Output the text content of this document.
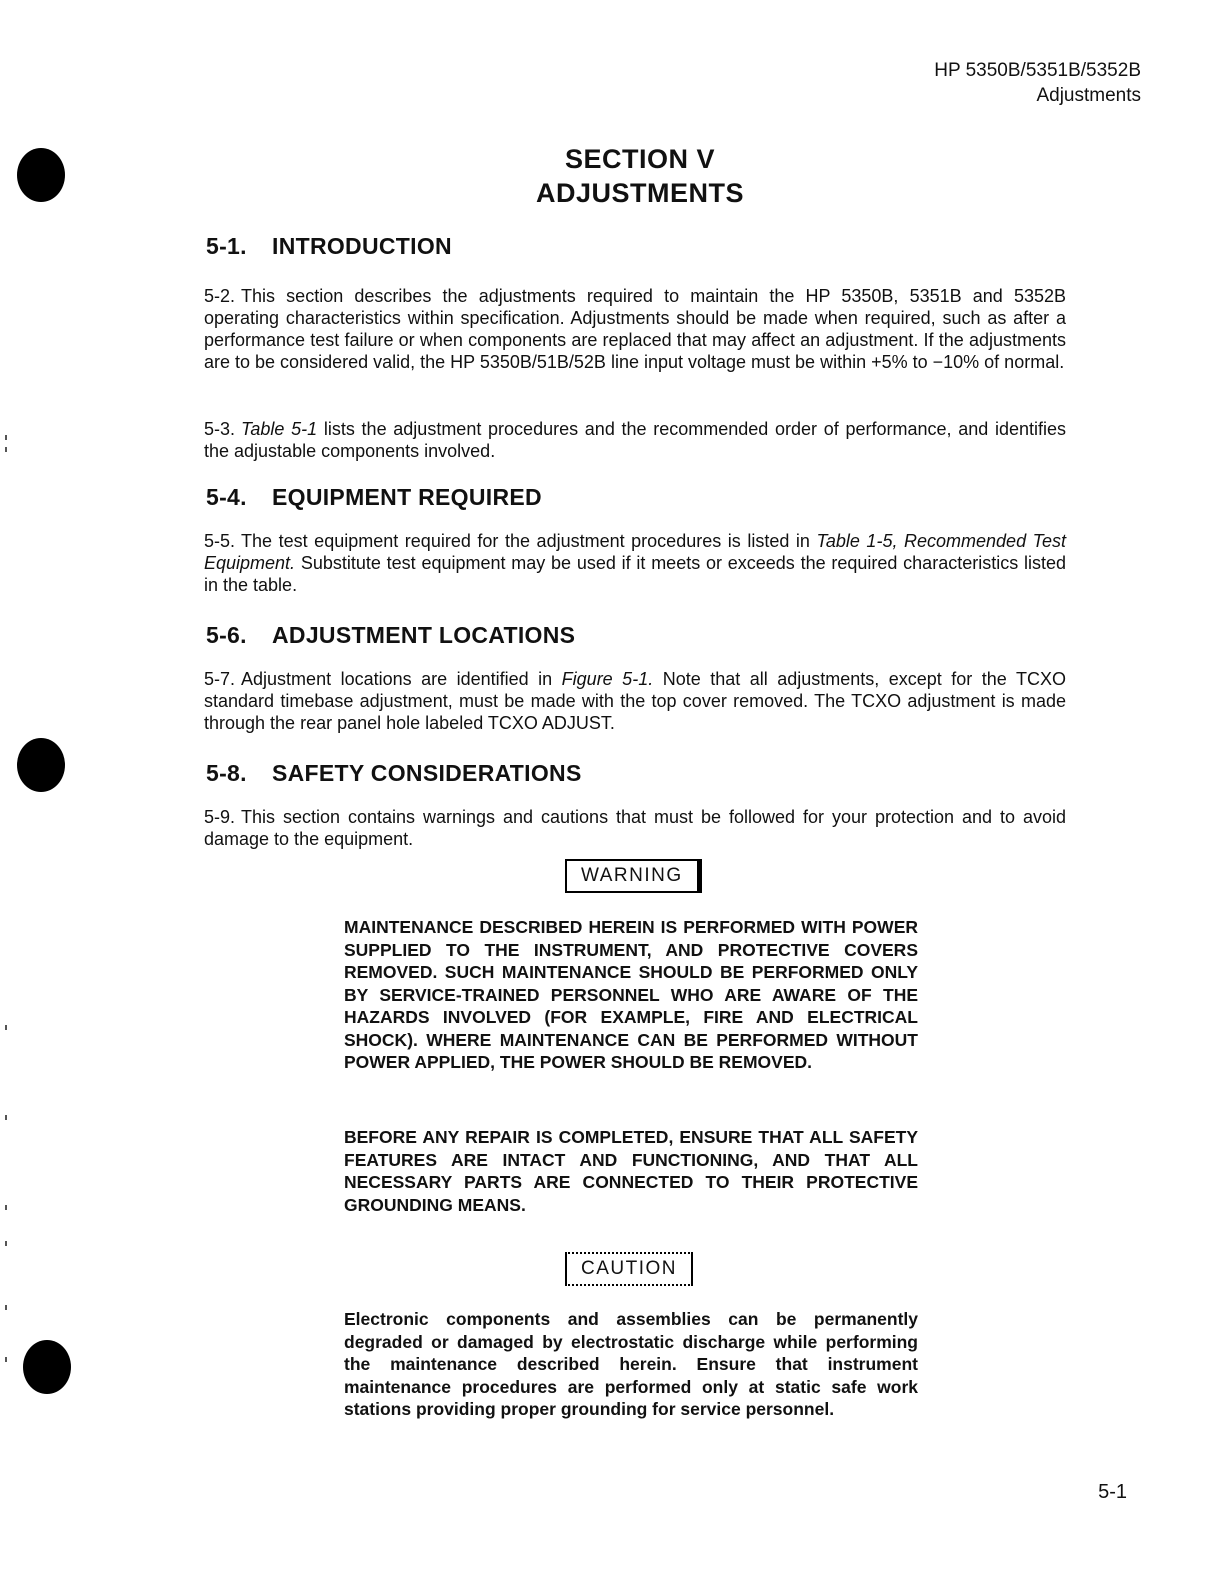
HP 5350B/5351B/5352B
Adjustments
SECTION V
ADJUSTMENTS
5-1. INTRODUCTION
5-2. This section describes the adjustments required to maintain the HP 5350B, 5351B and 5352B operating characteristics within specification. Adjustments should be made when required, such as after a performance test failure or when components are replaced that may affect an adjustment. If the adjustments are to be considered valid, the HP 5350B/51B/52B line input voltage must be within +5% to −10% of normal.
5-3. Table 5-1 lists the adjustment procedures and the recommended order of performance, and identifies the adjustable components involved.
5-4. EQUIPMENT REQUIRED
5-5. The test equipment required for the adjustment procedures is listed in Table 1-5, Recommended Test Equipment. Substitute test equipment may be used if it meets or exceeds the required characteristics listed in the table.
5-6. ADJUSTMENT LOCATIONS
5-7. Adjustment locations are identified in Figure 5-1. Note that all adjustments, except for the TCXO standard timebase adjustment, must be made with the top cover removed. The TCXO adjustment is made through the rear panel hole labeled TCXO ADJUST.
5-8. SAFETY CONSIDERATIONS
5-9. This section contains warnings and cautions that must be followed for your protection and to avoid damage to the equipment.
WARNING
MAINTENANCE DESCRIBED HEREIN IS PERFORMED WITH POWER SUPPLIED TO THE INSTRUMENT, AND PROTECTIVE COVERS REMOVED. SUCH MAINTENANCE SHOULD BE PERFORMED ONLY BY SERVICE-TRAINED PERSONNEL WHO ARE AWARE OF THE HAZARDS INVOLVED (FOR EXAMPLE, FIRE AND ELECTRICAL SHOCK). WHERE MAINTENANCE CAN BE PERFORMED WITHOUT POWER APPLIED, THE POWER SHOULD BE REMOVED.
BEFORE ANY REPAIR IS COMPLETED, ENSURE THAT ALL SAFETY FEATURES ARE INTACT AND FUNCTIONING, AND THAT ALL NECESSARY PARTS ARE CONNECTED TO THEIR PROTECTIVE GROUNDING MEANS.
CAUTION
Electronic components and assemblies can be permanently degraded or damaged by electrostatic discharge while performing the maintenance described herein. Ensure that instrument maintenance procedures are performed only at static safe work stations providing proper grounding for service personnel.
5-1
